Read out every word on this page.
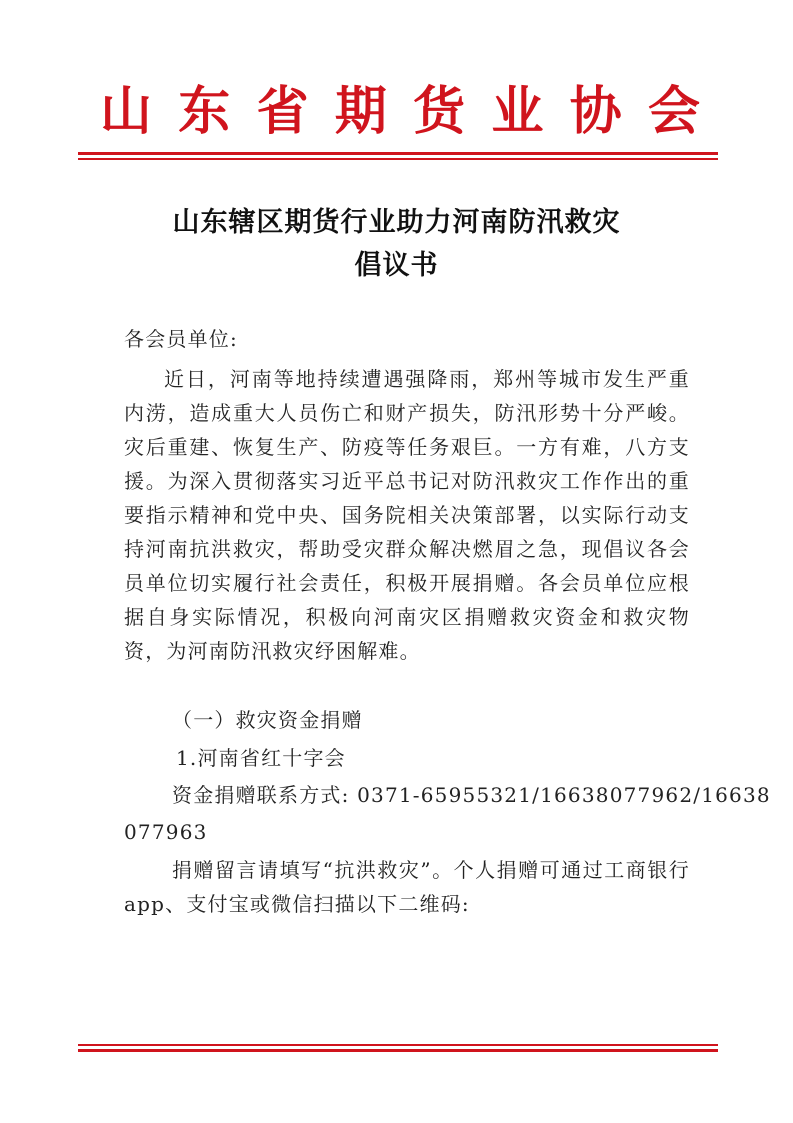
山 东 省 期 货 业 协 会
山东辖区期货行业助力河南防汛救灾
倡议书
各会员单位:
近日，河南等地持续遭遇强降雨，郑州等城市发生严重内涝，造成重大人员伤亡和财产损失，防汛形势十分严峻。灾后重建、恢复生产、防疫等任务艰巨。一方有难，八方支援。为深入贯彻落实习近平总书记对防汛救灾工作作出的重要指示精神和党中央、国务院相关决策部署，以实际行动支持河南抗洪救灾，帮助受灾群众解决燃眉之急，现倡议各会员单位切实履行社会责任，积极开展捐赠。各会员单位应根据自身实际情况，积极向河南灾区捐赠救灾资金和救灾物资，为河南防汛救灾纾困解难。
（一）救灾资金捐赠
1.河南省红十字会
资金捐赠联系方式: 0371-65955321/16638077962/16638
077963
捐赠留言请填写“抗洪救灾”。个人捐赠可通过工商银行app、支付宝或微信扫描以下二维码:
